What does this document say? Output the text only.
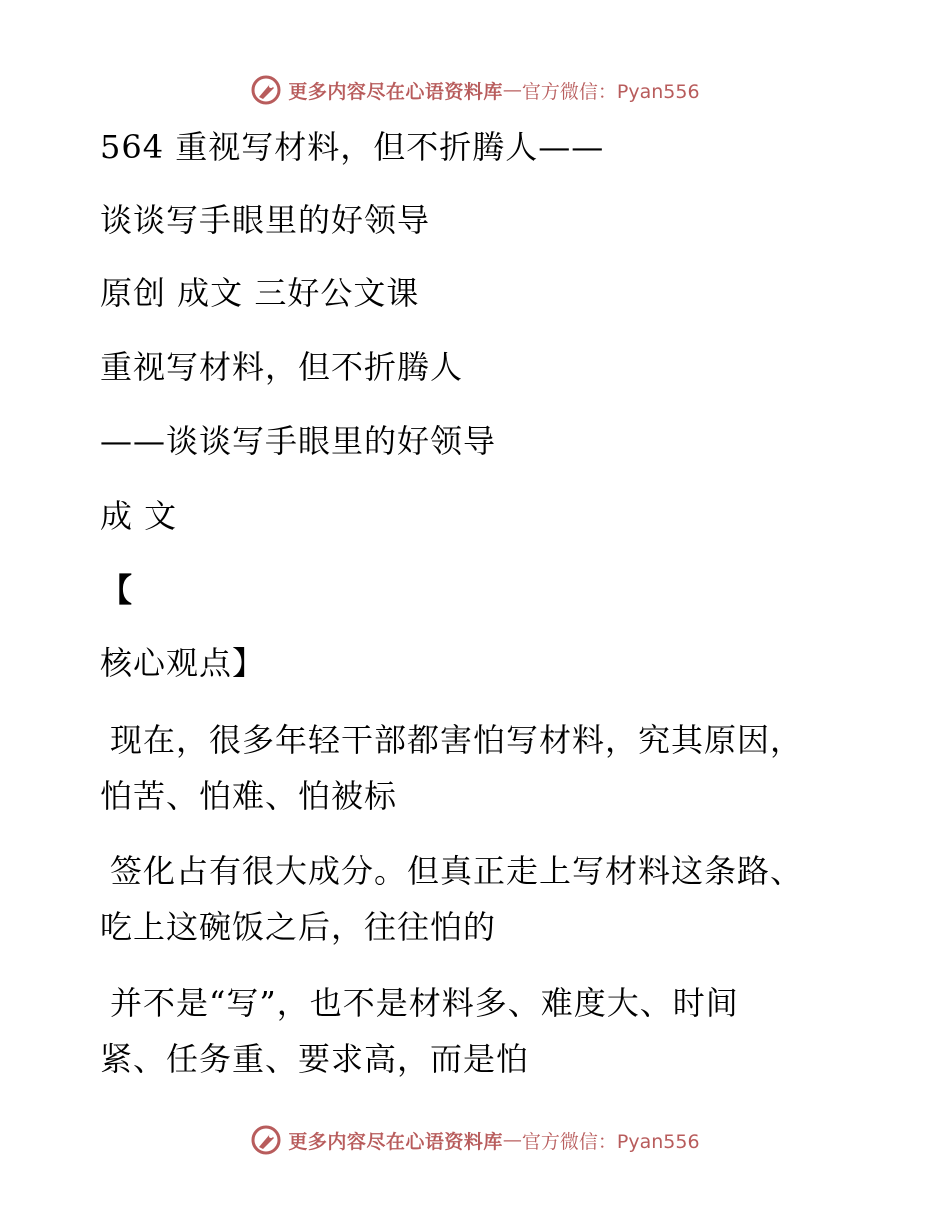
更多内容尽在心语资料库 — 官方微信：Pyan556
564 重视写材料，但不折腾人——
谈谈写手眼里的好领导
原创 成文 三好公文课
重视写材料，但不折腾人
——谈谈写手眼里的好领导
成 文
【
核心观点】
现在，很多年轻干部都害怕写材料，究其原因，
怕苦、怕难、怕被标
签化占有很大成分。但真正走上写材料这条路、
吃上这碗饭之后，往往怕的
并不是“写”，也不是材料多、难度大、时间
紧、任务重、要求高，而是怕
更多内容尽在心语资料库 — 官方微信：Pyan556
